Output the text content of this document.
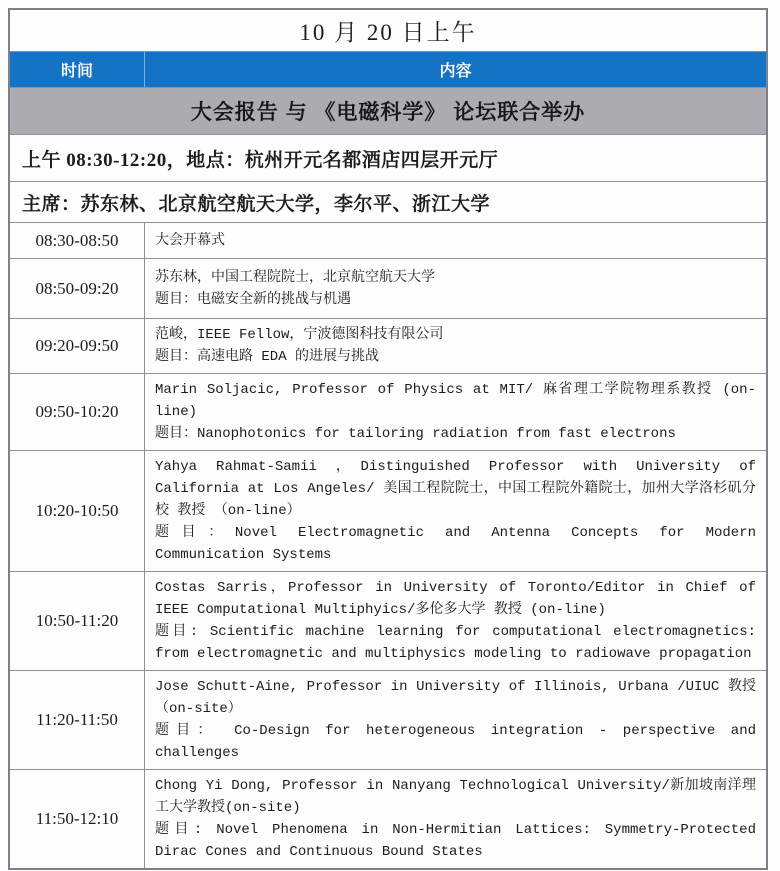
10 月 20 日上午
时间	内容
大会报告 与 《电磁科学》 论坛联合举办
上午 08:30-12:20，地点：杭州开元名都酒店四层开元厅
主席：苏东林、北京航空航天大学，李尔平、浙江大学
08:30-08:50	大会开幕式

08:50-09:20

苏东林，中国工程院院士，北京航空航天大学

题目：电磁安全新的挑战与机遇

09:20-09:50

范峻，IEEE Fellow，宁波德图科技有限公司

题目：高速电路 EDA 的进展与挑战

09:50-10:20

Marin Soljacic, Professor of Physics at MIT/ 麻省理工学院物理系教授 (on-line)

题目：Nanophotonics for tailoring radiation from fast electrons

10:20-10:50

Yahya Rahmat-Samii ，Distinguished Professor with University of California at Los Angeles/ 美国工程院院士，中国工程院外籍院士，加州大学洛杉矶分校 教授 （on-line）

题目：Novel Electromagnetic and Antenna Concepts for Modern Communication Systems

10:50-11:20

Costas Sarris，Professor in University of Toronto/Editor in Chief of IEEE Computational Multiphyics/多伦多大学 教授 (on-line)

题目: Scientific machine learning for computational electromagnetics: from electromagnetic and multiphysics modeling to radiowave propagation

11:20-11:50

Jose Schutt-Aine, Professor in University of Illinois, Urbana /UIUC 教授 （on-site）

题目： Co-Design for heterogeneous integration - perspective and challenges

11:50-12:10

Chong Yi Dong, Professor in Nanyang Technological University/新加坡南洋理工大学教授(on-site)

题目: Novel Phenomena in Non-Hermitian Lattices: Symmetry-Protected Dirac Cones and Continuous Bound States
